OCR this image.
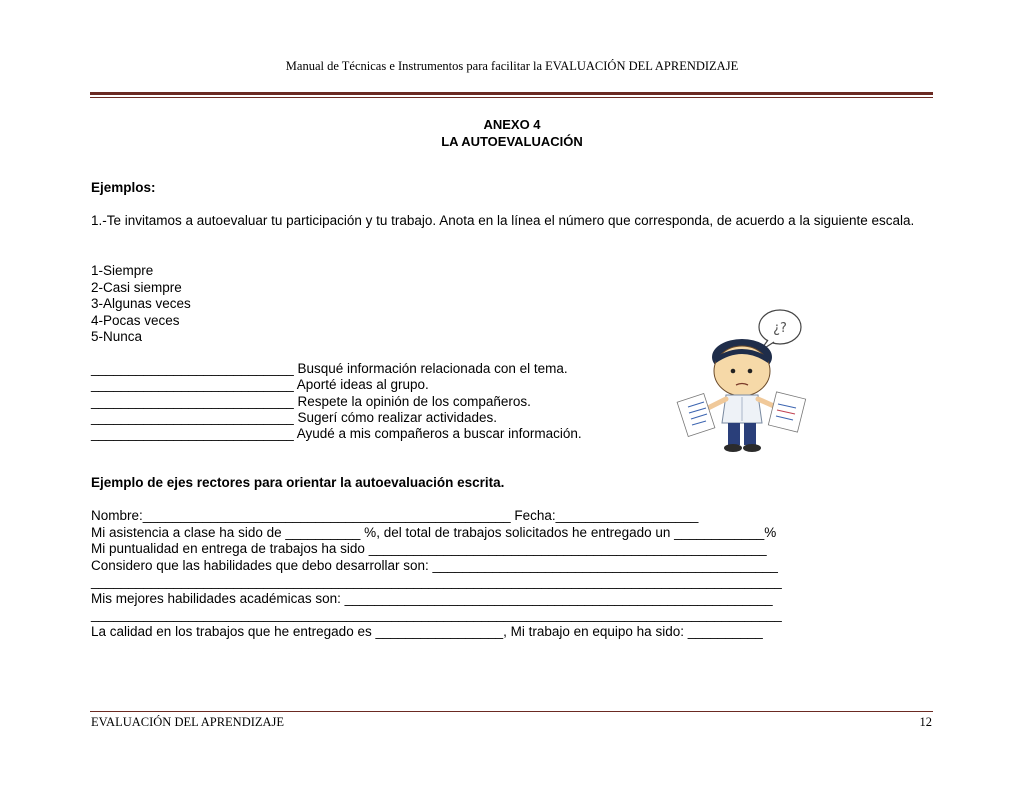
Manual de Técnicas e Instrumentos para facilitar la EVALUACIÓN DEL APRENDIZAJE
ANEXO 4
LA AUTOEVALUACIÓN
Ejemplos:
1.-Te invitamos a autoevaluar tu participación y tu trabajo. Anota en la línea el número que corresponda, de acuerdo a la siguiente escala.
1-Siempre
2-Casi siempre
3-Algunas veces
4-Pocas veces
5-Nunca
___________________________ Busqué información relacionada con el tema.
___________________________ Aporté ideas al grupo.
___________________________ Respete la opinión de los compañeros.
___________________________ Sugerí cómo realizar actividades.
___________________________ Ayudé a mis compañeros a buscar información.
Ejemplo de ejes rectores para orientar la autoevaluación escrita.
Nombre:_________________________________________________ Fecha:___________________
Mi asistencia a clase ha sido de __________ %, del total de trabajos solicitados he entregado un ____________%
Mi puntualidad en entrega de trabajos ha sido _____________________________________________________
Considero que las habilidades que debo desarrollar son: ______________________________________________
____________________________________________________________________________________________
Mis mejores habilidades académicas son: _________________________________________________________
____________________________________________________________________________________________
La calidad en los trabajos que he entregado es _________________, Mi trabajo en equipo ha sido: __________
¿?
EVALUACIÓN DEL APRENDIZAJE	12
